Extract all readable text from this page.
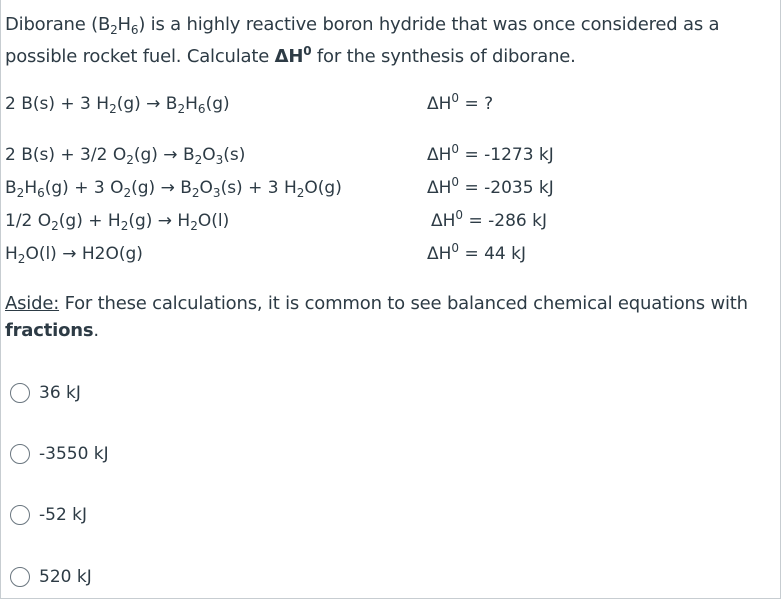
Diborane $(B_2H_6)$ is a highly reactive boron hydride that was once considered as a
possible rocket fuel. Calculate $\Delta H^0$ for the synthesis of diborane.
2 B(s) + 3 $H_2(g) \to B_2H_6(g)$	$\Delta H^0$ = ?
2 B(s) + 3/2 $O_2(g) \to B_2O_3(s)$	$\Delta H^0 = -1273$ kJ
$B_2H_6(g) + 3$ $O_2(g) \to B_2O_3(s) + 3$ $H_2O(g)$	$\Delta H^0 = -2035$ kJ
1/2 $O_2(g) + H_2(g) \to H_2O(l)$	$\Delta H^0 = -286$ kJ
$H_2O(l) \to H2O(g)$	$\Delta H^0 = 44$ kJ
Aside: For these calculations, it is common to see balanced chemical equations with fractions.
36 kJ
-3550 kJ
-52 kJ
520 kJ
